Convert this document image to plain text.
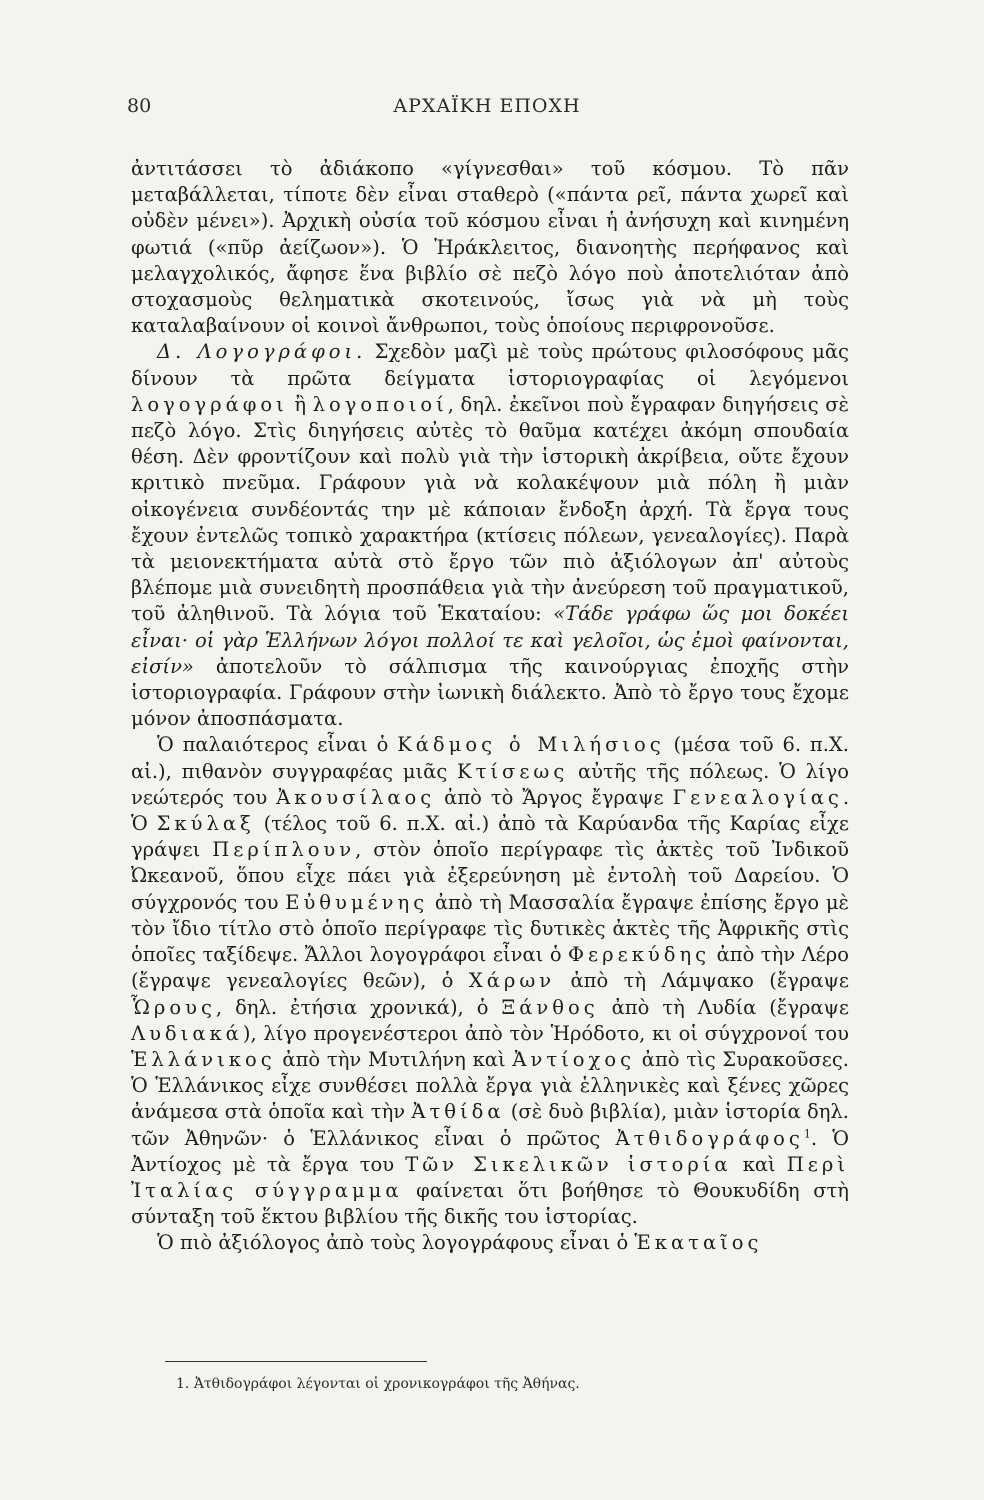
80	ΑΡΧΑΪΚΗ ΕΠΟΧΗ

ἀντιτάσσει τὸ ἀδιάκοπο «γίγνεσθαι» τοῦ κόσμου. Τὸ πᾶν μεταβάλλεται, τίποτε δὲν εἶναι σταθερὸ («πάντα ρεῖ, πάντα χωρεῖ καὶ οὐδὲν μένει»). Ἀρχικὴ οὐσία τοῦ κόσμου εἶναι ἡ ἀνήσυχη καὶ κινημένη φωτιά («πῦρ ἀείζωον»). Ὁ Ἡράκλειτος, διανοητὴς περήφανος καὶ μελαγχολικός, ἄφησε ἕνα βιβλίο σὲ πεζὸ λόγο ποὺ ἀποτελιόταν ἀπὸ στοχασμοὺς θεληματικὰ σκοτεινούς, ἴσως γιὰ νὰ μὴ τοὺς καταλαβαίνουν οἱ κοινοὶ ἄνθρωποι, τοὺς ὁποίους περιφρονοῦσε.

Δ. Λογογράφοι. Σχεδὸν μαζὶ μὲ τοὺς πρώτους φιλοσόφους μᾶς δίνουν τὰ πρῶτα δείγματα ἱστοριογραφίας οἱ λεγόμενοι λογογράφοι ἢ λογοποιοί, δηλ. ἐκεῖνοι ποὺ ἔγραφαν διηγήσεις σὲ πεζὸ λόγο. Στὶς διηγήσεις αὐτὲς τὸ θαῦμα κατέχει ἀκόμη σπουδαία θέση. Δὲν φροντίζουν καὶ πολὺ γιὰ τὴν ἱστορικὴ ἀκρίβεια, οὔτε ἔχουν κριτικὸ πνεῦμα. Γράφουν γιὰ νὰ κολακέψουν μιὰ πόλη ἢ μιὰν οἰκογένεια συνδέοντάς την μὲ κάποιαν ἔνδοξη ἀρχή. Τὰ ἔργα τους ἔχουν ἐντελῶς τοπικὸ χαρακτήρα (κτίσεις πόλεων, γενεαλογίες). Παρὰ τὰ μειονεκτήματα αὐτὰ στὸ ἔργο τῶν πιὸ ἀξιόλογων ἀπ' αὐτοὺς βλέπομε μιὰ συνειδητὴ προσπάθεια γιὰ τὴν ἀνεύρεση τοῦ πραγματικοῦ, τοῦ ἀληθινοῦ. Τὰ λόγια τοῦ Ἑκαταίου: «Τάδε γράφω ὥς μοι δοκέει εἶναι· οἱ γὰρ Ἑλλήνων λόγοι πολλοί τε καὶ γελοῖοι, ὡς ἐμοὶ φαίνονται, εἰσίν» ἀποτελοῦν τὸ σάλπισμα τῆς καινούργιας ἐποχῆς στὴν ἱστοριογραφία. Γράφουν στὴν ἰωνικὴ διάλεκτο. Ἀπὸ τὸ ἔργο τους ἔχομε μόνον ἀποσπάσματα.

Ὁ παλαιότερος εἶναι ὁ Κάδμος ὁ Μιλήσιος (μέσα τοῦ 6. π.Χ. αἰ.), πιθανὸν συγγραφέας μιᾶς Κτίσεως αὐτῆς τῆς πόλεως. Ὁ λίγο νεώτερός του Ἀκουσίλαος ἀπὸ τὸ Ἄργος ἔγραψε Γενεαλογίας. Ὁ Σκύλαξ (τέλος τοῦ 6. π.Χ. αἰ.) ἀπὸ τὰ Καρύανδα τῆς Καρίας εἶχε γράψει Περίπλουν, στὸν ὁποῖο περίγραφε τὶς ἀκτὲς τοῦ Ἰνδικοῦ Ὠκεανοῦ, ὅπου εἶχε πάει γιὰ ἐξερεύνηση μὲ ἐντολὴ τοῦ Δαρείου. Ὁ σύγχρονός του Εὐθυμένης ἀπὸ τὴ Μασσαλία ἔγραψε ἐπίσης ἔργο μὲ τὸν ἴδιο τίτλο στὸ ὁποῖο περίγραφε τὶς δυτικὲς ἀκτὲς τῆς Ἀφρικῆς στὶς ὁποῖες ταξίδεψε. Ἄλλοι λογογράφοι εἶναι ὁ Φερεκύδης ἀπὸ τὴν Λέρο (ἔγραψε γενεαλογίες θεῶν), ὁ Χάρων ἀπὸ τὴ Λάμψακο (ἔγραψε Ὧρους, δηλ. ἐτήσια χρονικά), ὁ Ξάνθος ἀπὸ τὴ Λυδία (ἔγραψε Λυδιακά), λίγο προγενέστεροι ἀπὸ τὸν Ἡρόδοτο, κι οἱ σύγχρονοί του Ἑλλάνικος ἀπὸ τὴν Μυτιλήνη καὶ Ἀντίοχος ἀπὸ τὶς Συρακοῦσες. Ὁ Ἑλλάνικος εἶχε συνθέσει πολλὰ ἔργα γιὰ ἑλληνικὲς καὶ ξένες χῶρες ἀνάμεσα στὰ ὁποῖα καὶ τὴν Ἀτθίδα (σὲ δυὸ βιβλία), μιὰν ἱστορία δηλ. τῶν Ἀθηνῶν· ὁ Ἑλλάνικος εἶναι ὁ πρῶτος Ἀτθιδογράφος$^1$. Ὁ Ἀντίοχος μὲ τὰ ἔργα του Τῶν Σικελικῶν ἱστορία καὶ Περὶ Ἰταλίας σύγγραμμα φαίνεται ὅτι βοήθησε τὸ Θουκυδίδη στὴ σύνταξη τοῦ ἕκτου βιβλίου τῆς δικῆς του ἱστορίας.

Ὁ πιὸ ἀξιόλογος ἀπὸ τοὺς λογογράφους εἶναι ὁ Ἑκαταῖος

1. Ἀτθιδογράφοι λέγονται οἱ χρονικογράφοι τῆς Ἀθήνας.
